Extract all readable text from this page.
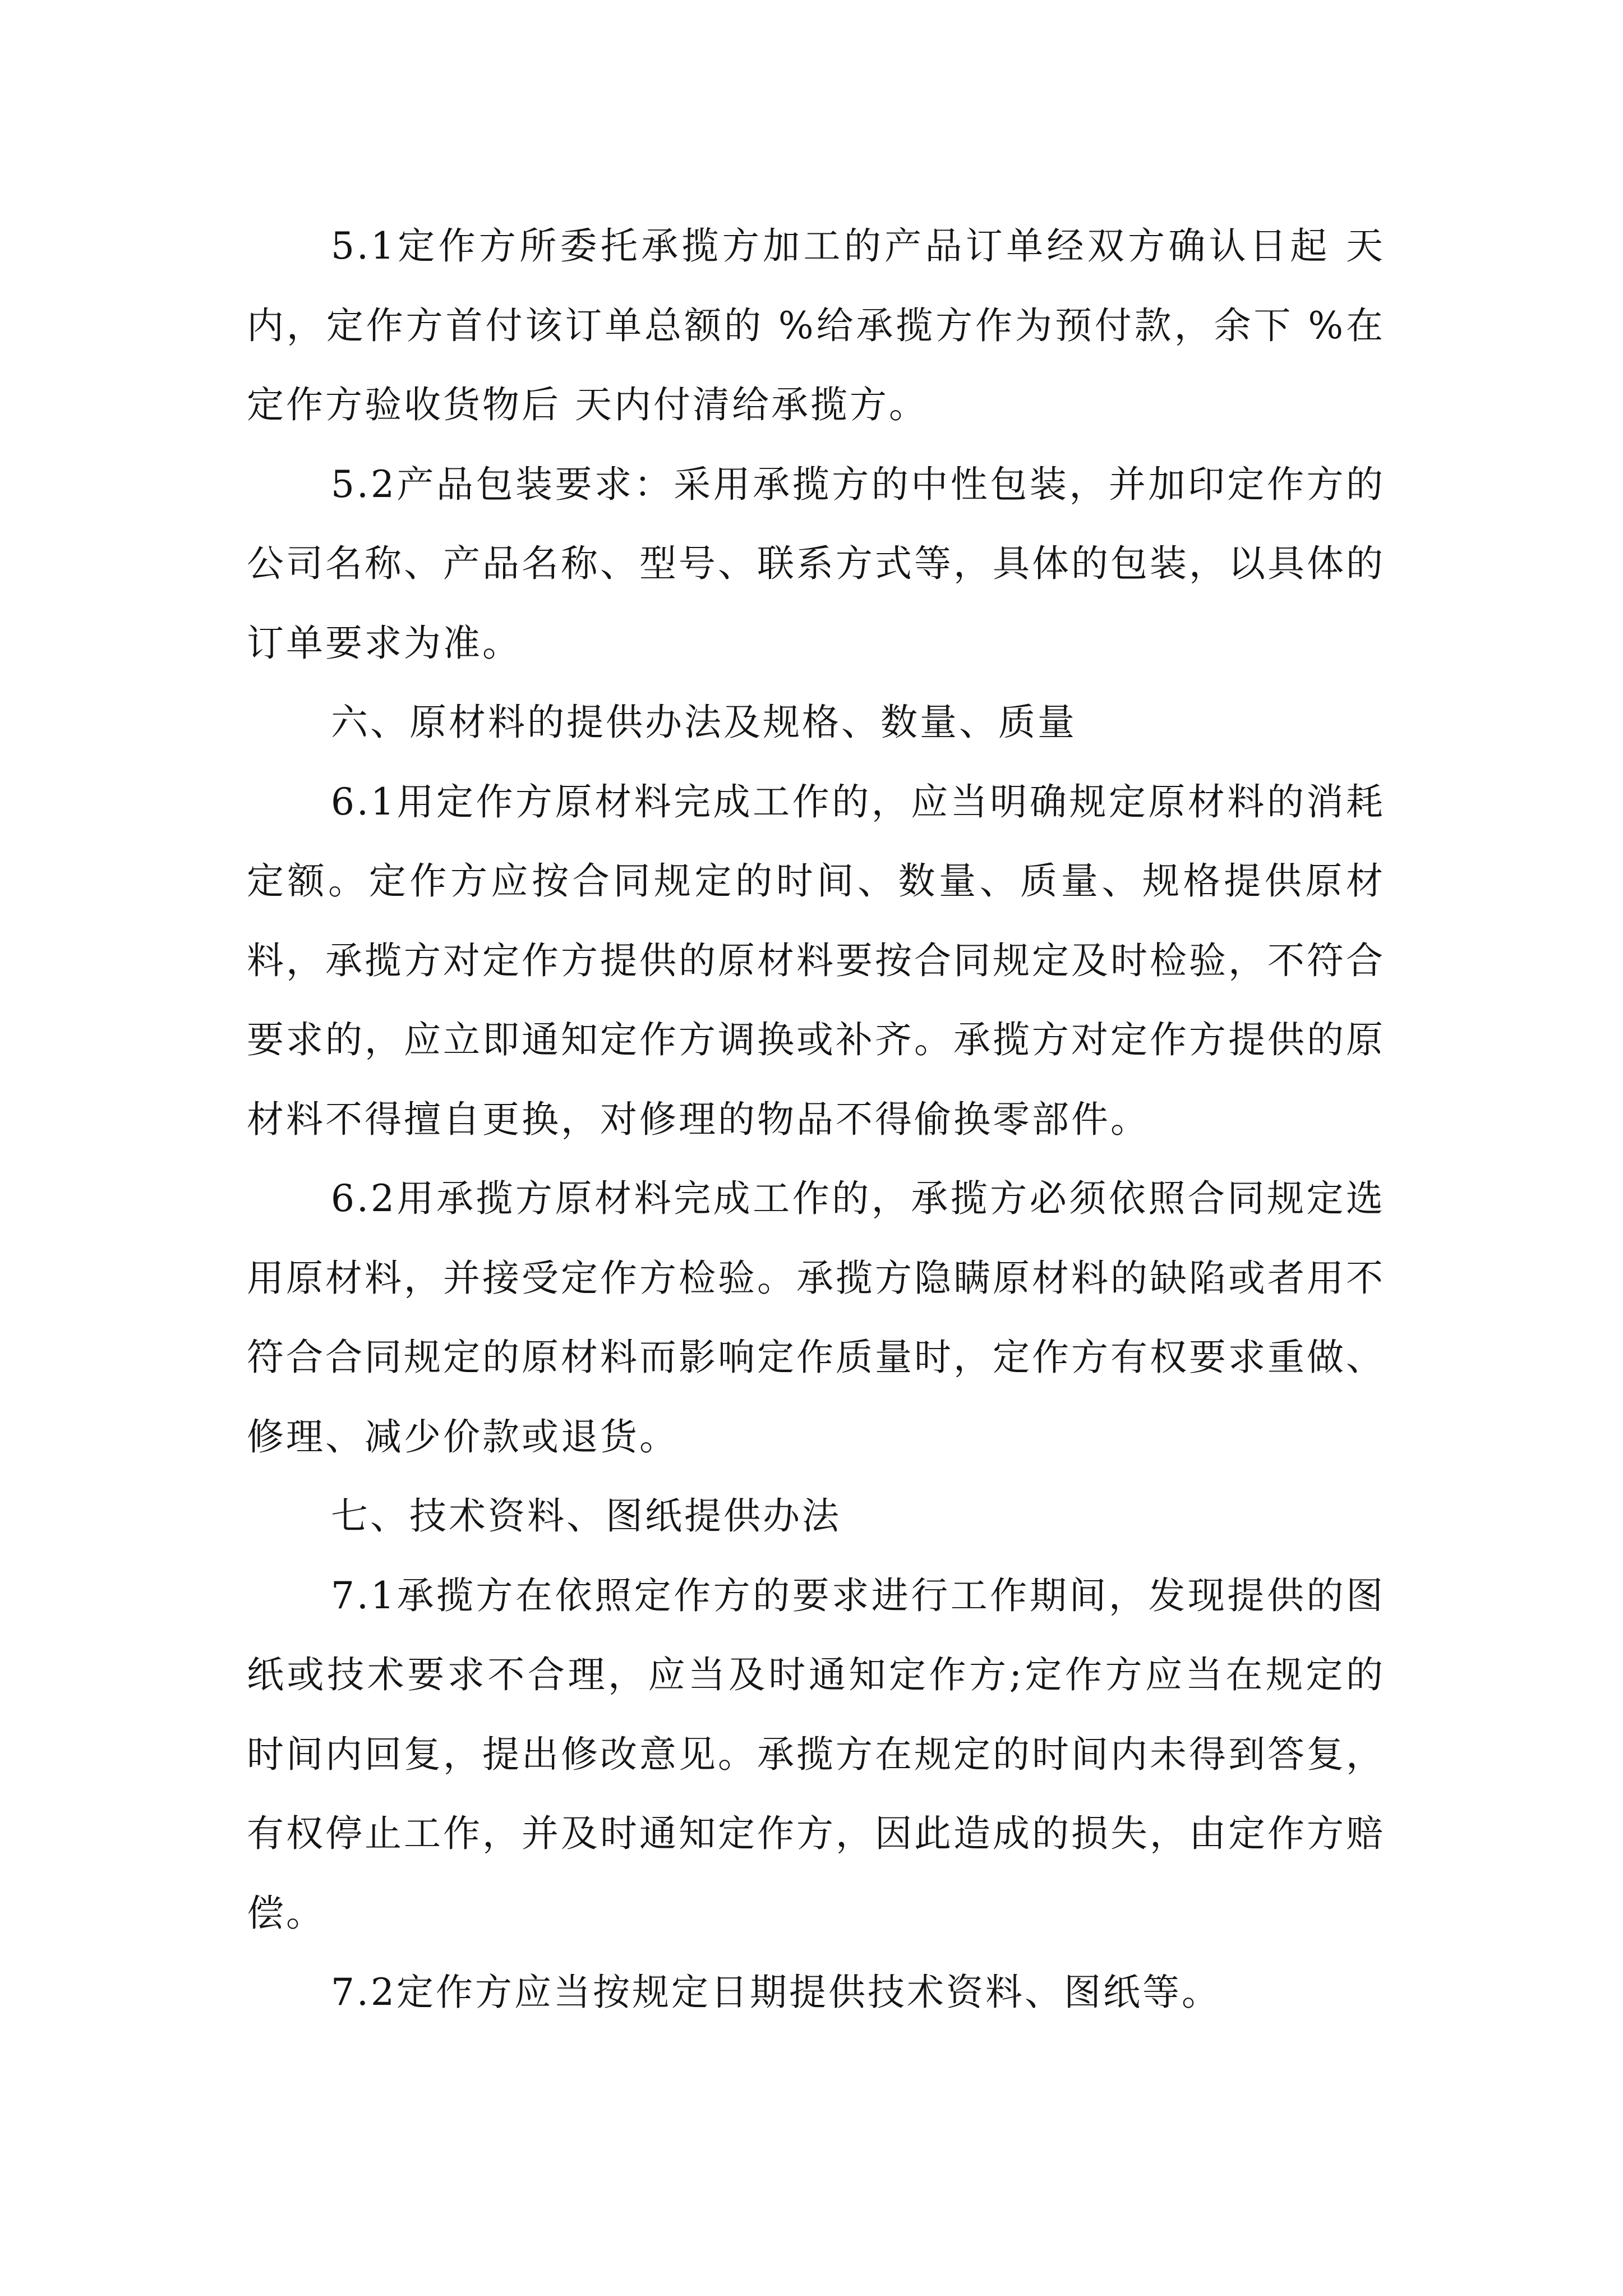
5.1定作方所委托承揽方加工的产品订单经双方确认日起 天内，定作方首付该订单总额的 %给承揽方作为预付款，余下 %在定作方验收货物后 天内付清给承揽方。

5.2产品包装要求：采用承揽方的中性包装，并加印定作方的公司名称、产品名称、型号、联系方式等，具体的包装，以具体的订单要求为准。

六、原材料的提供办法及规格、数量、质量

6.1用定作方原材料完成工作的，应当明确规定原材料的消耗定额。定作方应按合同规定的时间、数量、质量、规格提供原材料，承揽方对定作方提供的原材料要按合同规定及时检验，不符合要求的，应立即通知定作方调换或补齐。承揽方对定作方提供的原材料不得擅自更换，对修理的物品不得偷换零部件。

6.2用承揽方原材料完成工作的，承揽方必须依照合同规定选用原材料，并接受定作方检验。承揽方隐瞒原材料的缺陷或者用不符合合同规定的原材料而影响定作质量时，定作方有权要求重做、修理、减少价款或退货。

七、技术资料、图纸提供办法

7.1承揽方在依照定作方的要求进行工作期间，发现提供的图纸或技术要求不合理，应当及时通知定作方;定作方应当在规定的时间内回复，提出修改意见。承揽方在规定的时间内未得到答复，有权停止工作，并及时通知定作方，因此造成的损失，由定作方赔偿。

7.2定作方应当按规定日期提供技术资料、图纸等。
